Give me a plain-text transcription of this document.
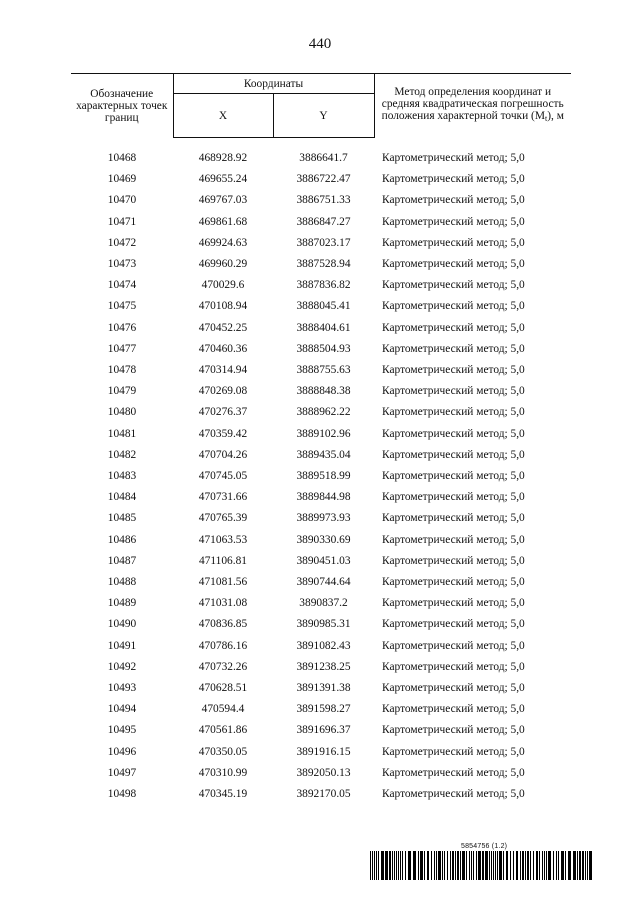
440
Обозначение характерных точек границ	Координаты		Метод определения координат и средняя квадратическая погрешность положения характерной точки $(M_t)$, м
	X	Y	

10468	468928.92	3886641.7	Картометрический метод; 5,0
10469	469655.24	3886722.47	Картометрический метод; 5,0
10470	469767.03	3886751.33	Картометрический метод; 5,0
10471	469861.68	3886847.27	Картометрический метод; 5,0
10472	469924.63	3887023.17	Картометрический метод; 5,0
10473	469960.29	3887528.94	Картометрический метод; 5,0
10474	470029.6	3887836.82	Картометрический метод; 5,0
10475	470108.94	3888045.41	Картометрический метод; 5,0
10476	470452.25	3888404.61	Картометрический метод; 5,0
10477	470460.36	3888504.93	Картометрический метод; 5,0
10478	470314.94	3888755.63	Картометрический метод; 5,0
10479	470269.08	3888848.38	Картометрический метод; 5,0
10480	470276.37	3888962.22	Картометрический метод; 5,0
10481	470359.42	3889102.96	Картометрический метод; 5,0
10482	470704.26	3889435.04	Картометрический метод; 5,0
10483	470745.05	3889518.99	Картометрический метод; 5,0
10484	470731.66	3889844.98	Картометрический метод; 5,0
10485	470765.39	3889973.93	Картометрический метод; 5,0
10486	471063.53	3890330.69	Картометрический метод; 5,0
10487	471106.81	3890451.03	Картометрический метод; 5,0
10488	471081.56	3890744.64	Картометрический метод; 5,0
10489	471031.08	3890837.2	Картометрический метод; 5,0
10490	470836.85	3890985.31	Картометрический метод; 5,0
10491	470786.16	3891082.43	Картометрический метод; 5,0
10492	470732.26	3891238.25	Картометрический метод; 5,0
10493	470628.51	3891391.38	Картометрический метод; 5,0
10494	470594.4	3891598.27	Картометрический метод; 5,0
10495	470561.86	3891696.37	Картометрический метод; 5,0
10496	470350.05	3891916.15	Картометрический метод; 5,0
10497	470310.99	3892050.13	Картометрический метод; 5,0
10498	470345.19	3892170.05	Картометрический метод; 5,0
5854756 (1.2)
